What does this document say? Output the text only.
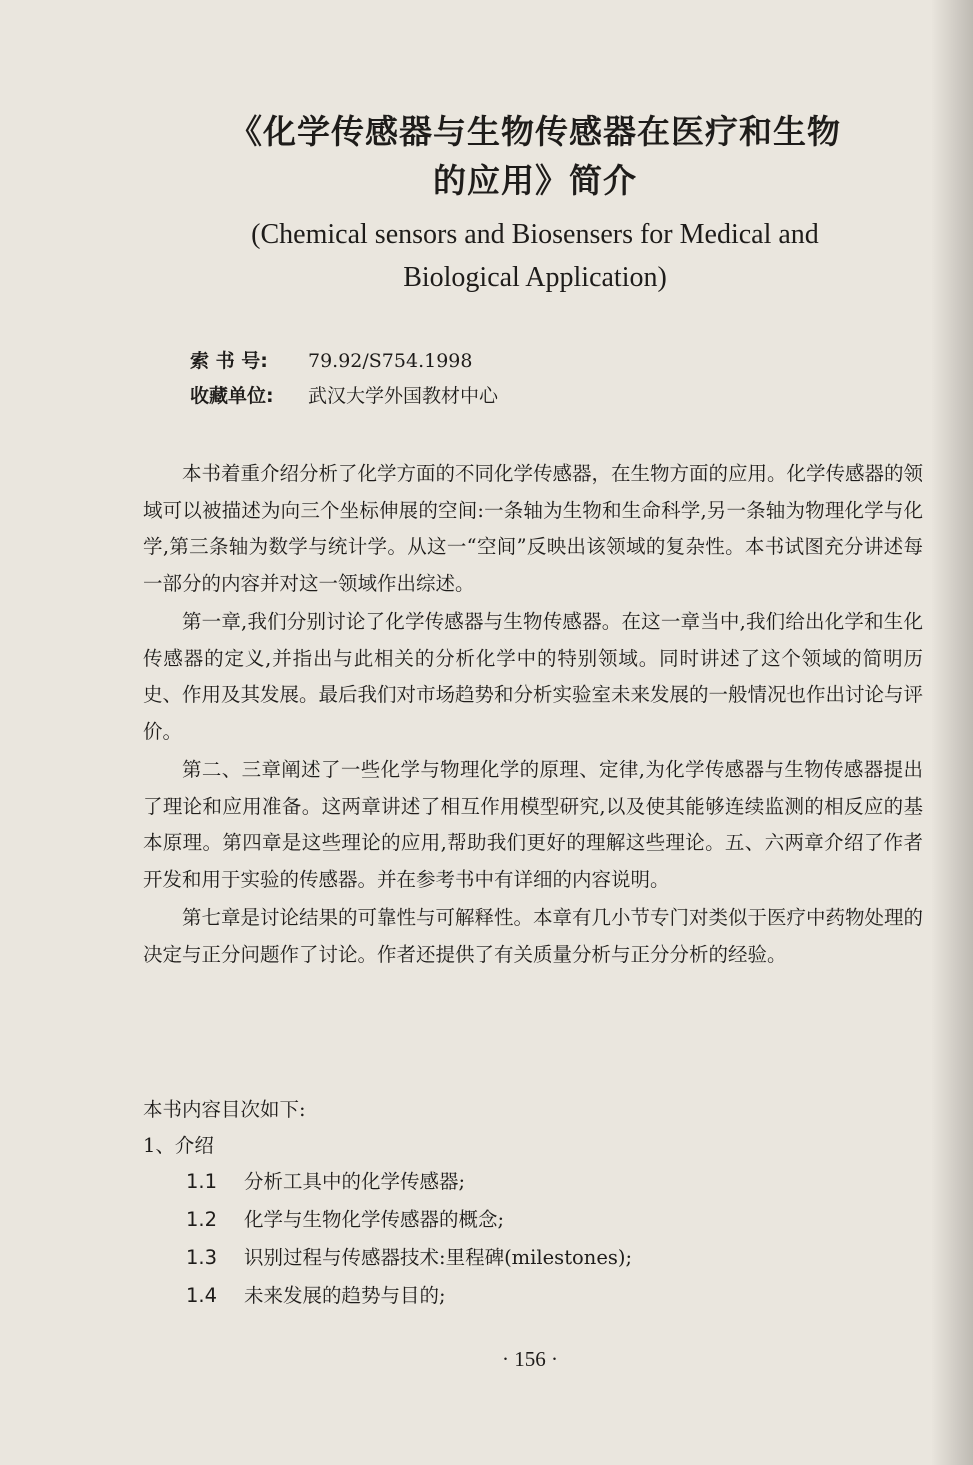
《化学传感器与生物传感器在医疗和生物
的应用》简介
(Chemical sensors and Biosensers for Medical and
Biological Application)
索 书 号: 79.92/S754.1998
收藏单位: 武汉大学外国教材中心

本书着重介绍分析了化学方面的不同化学传感器，在生物方面的应用。化学传感器的领域可以被描述为向三个坐标伸展的空间:一条轴为生物和生命科学,另一条轴为物理化学与化学,第三条轴为数学与统计学。从这一“空间”反映出该领域的复杂性。本书试图充分讲述每一部分的内容并对这一领域作出综述。

第一章,我们分别讨论了化学传感器与生物传感器。在这一章当中,我们给出化学和生化传感器的定义,并指出与此相关的分析化学中的特别领域。同时讲述了这个领域的简明历史、作用及其发展。最后我们对市场趋势和分析实验室未来发展的一般情况也作出讨论与评价。

第二、三章阐述了一些化学与物理化学的原理、定律,为化学传感器与生物传感器提出了理论和应用准备。这两章讲述了相互作用模型研究,以及使其能够连续监测的相反应的基本原理。第四章是这些理论的应用,帮助我们更好的理解这些理论。五、六两章介绍了作者开发和用于实验的传感器。并在参考书中有详细的内容说明。

第七章是讨论结果的可靠性与可解释性。本章有几小节专门对类似于医疗中药物处理的决定与正分问题作了讨论。作者还提供了有关质量分析与正分分析的经验。

本书内容目次如下:
1、介绍
1.1 分析工具中的化学传感器;
1.2 化学与生物化学传感器的概念;
1.3 识别过程与传感器技术:里程碑(milestones);
1.4 未来发展的趋势与目的;
· 156 ·
